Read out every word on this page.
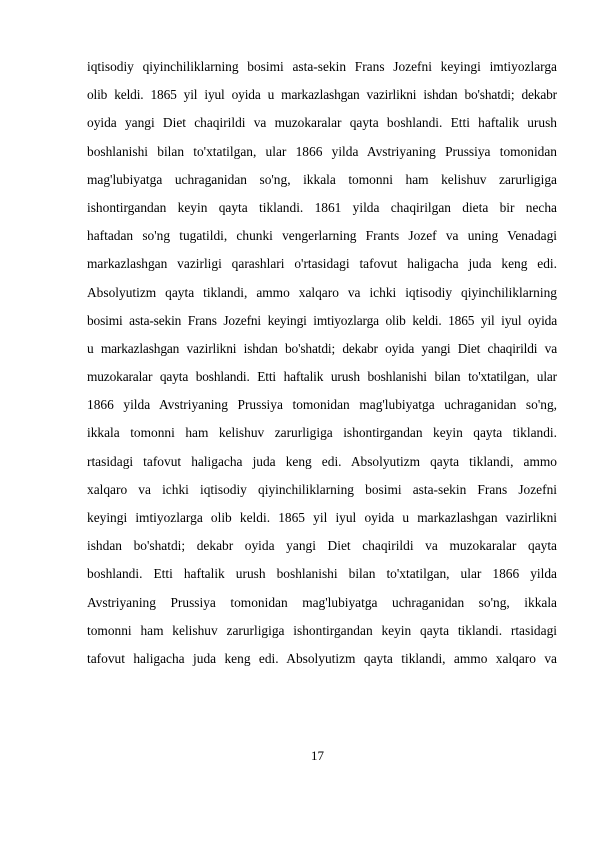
iqtisodiy qiyinchiliklarning bosimi asta-sekin Frans Jozefni keyingi imtiyozlarga
olib keldi. 1865 yil iyul oyida u markazlashgan vazirlikni ishdan bo'shatdi; dekabr
oyida yangi Diet chaqirildi va muzokaralar qayta boshlandi. Etti haftalik urush
boshlanishi bilan to'xtatilgan, ular 1866 yilda Avstriyaning Prussiya tomonidan
mag'lubiyatga uchraganidan so'ng, ikkala tomonni ham kelishuv zarurligiga
ishontirgandan keyin qayta tiklandi. 1861 yilda chaqirilgan dieta bir necha
haftadan so'ng tugatildi, chunki vengerlarning Frants Jozef va uning Venadagi
markazlashgan vazirligi qarashlari o'rtasidagi tafovut haligacha juda keng edi.
Absolyutizm qayta tiklandi, ammo xalqaro va ichki iqtisodiy qiyinchiliklarning
bosimi asta-sekin Frans Jozefni keyingi imtiyozlarga olib keldi. 1865 yil iyul oyida
u markazlashgan vazirlikni ishdan bo'shatdi; dekabr oyida yangi Diet chaqirildi va
muzokaralar qayta boshlandi. Etti haftalik urush boshlanishi bilan to'xtatilgan, ular
1866 yilda Avstriyaning Prussiya tomonidan mag'lubiyatga uchraganidan so'ng,
ikkala tomonni ham kelishuv zarurligiga ishontirgandan keyin qayta tiklandi.
rtasidagi tafovut haligacha juda keng edi. Absolyutizm qayta tiklandi, ammo
xalqaro va ichki iqtisodiy qiyinchiliklarning bosimi asta-sekin Frans Jozefni
keyingi imtiyozlarga olib keldi. 1865 yil iyul oyida u markazlashgan vazirlikni
ishdan bo'shatdi; dekabr oyida yangi Diet chaqirildi va muzokaralar qayta
boshlandi. Etti haftalik urush boshlanishi bilan to'xtatilgan, ular 1866 yilda
Avstriyaning Prussiya tomonidan mag'lubiyatga uchraganidan so'ng, ikkala
tomonni ham kelishuv zarurligiga ishontirgandan keyin qayta tiklandi. rtasidagi
tafovut haligacha juda keng edi. Absolyutizm qayta tiklandi, ammo xalqaro va
17
